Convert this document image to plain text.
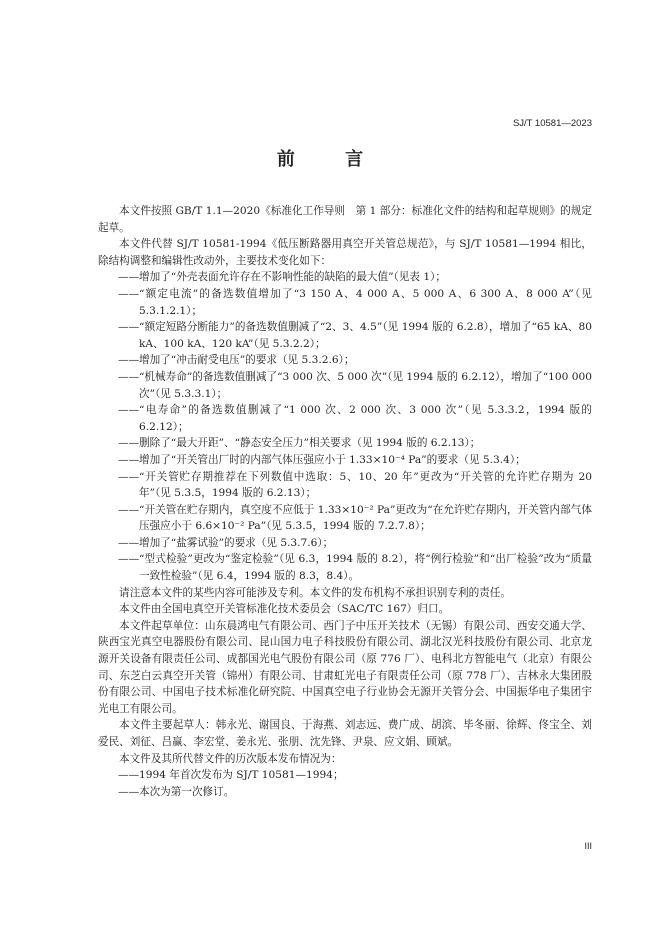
SJ/T 10581—2023
前 言

本文件按照 GB/T 1.1—2020《标准化工作导则　第 1 部分：标准化文件的结构和起草规则》的规定起草。

本文件代替 SJ/T 10581-1994《低压断路器用真空开关管总规范》，与 SJ/T 10581—1994 相比，除结构调整和编辑性改动外，主要技术变化如下：

——增加了“外壳表面允许存在不影响性能的缺陷的最大值”（见表 1）；

——“额定电流”的备选数值增加了“3 150 A、4 000 A、5 000 A、6 300 A、8 000 A”（见 5.3.1.2.1）；

——“额定短路分断能力”的备选数值删减了“2、3、4.5”（见 1994 版的 6.2.8），增加了“65 kA、80 kA、100 kA、120 kA”（见 5.3.2.2）；

——增加了“冲击耐受电压”的要求（见 5.3.2.6）；

——“机械寿命”的备选数值删减了“3 000 次、5 000 次”（见 1994 版的 6.2.12），增加了“100 000 次”（见 5.3.3.1）；

——“电寿命”的备选数值删减了“1 000 次、2 000 次、3 000 次”（见 5.3.3.2，1994 版的 6.2.12）；

——删除了“最大开距”、“静态安全压力”相关要求（见 1994 版的 6.2.13）；

——增加了“开关管出厂时的内部气体压强应小于 1.33×10⁻⁴ Pa”的要求（见 5.3.4）；

——“开关管贮存期推荐在下列数值中选取：5、10、20 年”更改为“开关管的允许贮存期为 20 年”（见 5.3.5，1994 版的 6.2.13）；

——“开关管在贮存期内，真空度不应低于 1.33×10⁻² Pa”更改为“在允许贮存期内，开关管内部气体压强应小于 6.6×10⁻² Pa”（见 5.3.5，1994 版的 7.2.7.8）；

——增加了“盐雾试验”的要求（见 5.3.7.6）；

——“型式检验”更改为“鉴定检验”（见 6.3，1994 版的 8.2），将“例行检验”和“出厂检验”改为“质量一致性检验”（见 6.4，1994 版的 8.3，8.4）。

请注意本文件的某些内容可能涉及专利。本文件的发布机构不承担识别专利的责任。

本文件由全国电真空开关管标准化技术委员会（SAC/TC 167）归口。

本文件起草单位：山东晨鸿电气有限公司、西门子中压开关技术（无锡）有限公司、西安交通大学、陕西宝光真空电器股份有限公司、昆山国力电子科技股份有限公司、湖北汉光科技股份有限公司、北京龙源开关设备有限责任公司、成都国光电气股份有限公司（原 776 厂）、电科北方智能电气（北京）有限公司、东芝白云真空开关管（锦州）有限公司、甘肃虹光电子有限责任公司（原 778 厂）、吉林永大集团股份有限公司、中国电子技术标准化研究院、中国真空电子行业协会无源开关管分会、中国振华电子集团宇光电工有限公司。

本文件主要起草人：韩永光、谢国良、于海燕、刘志远、费广成、胡滨、毕冬丽、徐辉、佟宝全、刘爱民、刘征、吕赢、李宏堂、姜永光、张朋、沈先锋、尹泉、应文娟、顾斌。

本文件及其所代替文件的历次版本发布情况为：

——1994 年首次发布为 SJ/T 10581—1994；

——本次为第一次修订。

III
